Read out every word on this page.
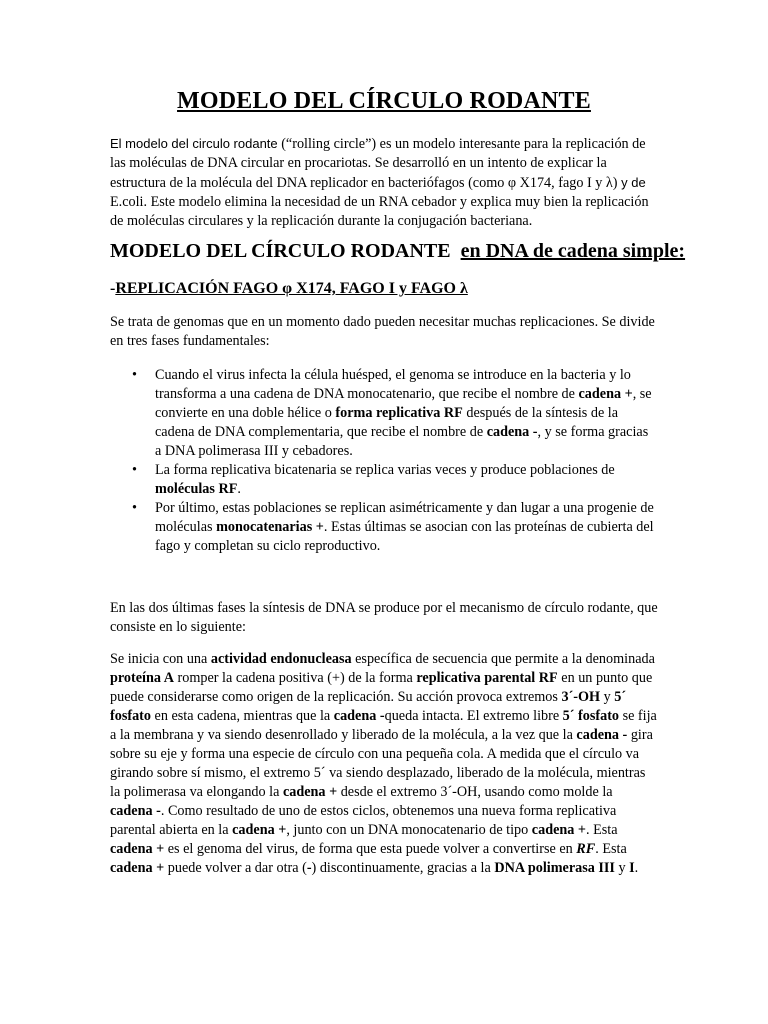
MODELO DEL CÍRCULO RODANTE

El modelo del circulo rodante (“rolling circle”) es un modelo interesante para la replicación de las moléculas de DNA circular en procariotas. Se desarrolló en un intento de explicar la estructura de la molécula del DNA replicador en bacteriófagos (como φ X174, fago I y λ) y de E.coli. Este modelo elimina la necesidad de un RNA cebador y explica muy bien la replicación de moléculas circulares y la replicación durante la conjugación bacteriana.

MODELO DEL CÍRCULO RODANTE en DNA de cadena simple:
-REPLICACIÓN FAGO φ X174, FAGO I y FAGO λ

Se trata de genomas que en un momento dado pueden necesitar muchas replicaciones. Se divide en tres fases fundamentales:

• Cuando el virus infecta la célula huésped, el genoma se introduce en la bacteria y lo transforma a una cadena de DNA monocatenario, que recibe el nombre de cadena +, se convierte en una doble hélice o forma replicativa RF después de la síntesis de la cadena de DNA complementaria, que recibe el nombre de cadena -, y se forma gracias a DNA polimerasa III y cebadores.
• La forma replicativa bicatenaria se replica varias veces y produce poblaciones de moléculas RF.
• Por último, estas poblaciones se replican asimétricamente y dan lugar a una progenie de moléculas monocatenarias +. Estas últimas se asocian con las proteínas de cubierta del fago y completan su ciclo reproductivo.

En las dos últimas fases la síntesis de DNA se produce por el mecanismo de círculo rodante, que consiste en lo siguiente:

Se inicia con una actividad endonucleasa específica de secuencia que permite a la denominada proteína A romper la cadena positiva (+) de la forma replicativa parental RF en un punto que puede considerarse como origen de la replicación. Su acción provoca extremos 3´-OH y 5´ fosfato en esta cadena, mientras que la cadena -queda intacta. El extremo libre 5´ fosfato se fija a la membrana y va siendo desenrollado y liberado de la molécula, a la vez que la cadena - gira sobre su eje y forma una especie de círculo con una pequeña cola. A medida que el círculo va girando sobre sí mismo, el extremo 5´ va siendo desplazado, liberado de la molécula, mientras la polimerasa va elongando la cadena + desde el extremo 3´-OH, usando como molde la cadena -. Como resultado de uno de estos ciclos, obtenemos una nueva forma replicativa parental abierta en la cadena +, junto con un DNA monocatenario de tipo cadena +. Esta cadena + es el genoma del virus, de forma que esta puede volver a convertirse en RF. Esta cadena + puede volver a dar otra (-) discontinuamente, gracias a la DNA polimerasa III y I.
